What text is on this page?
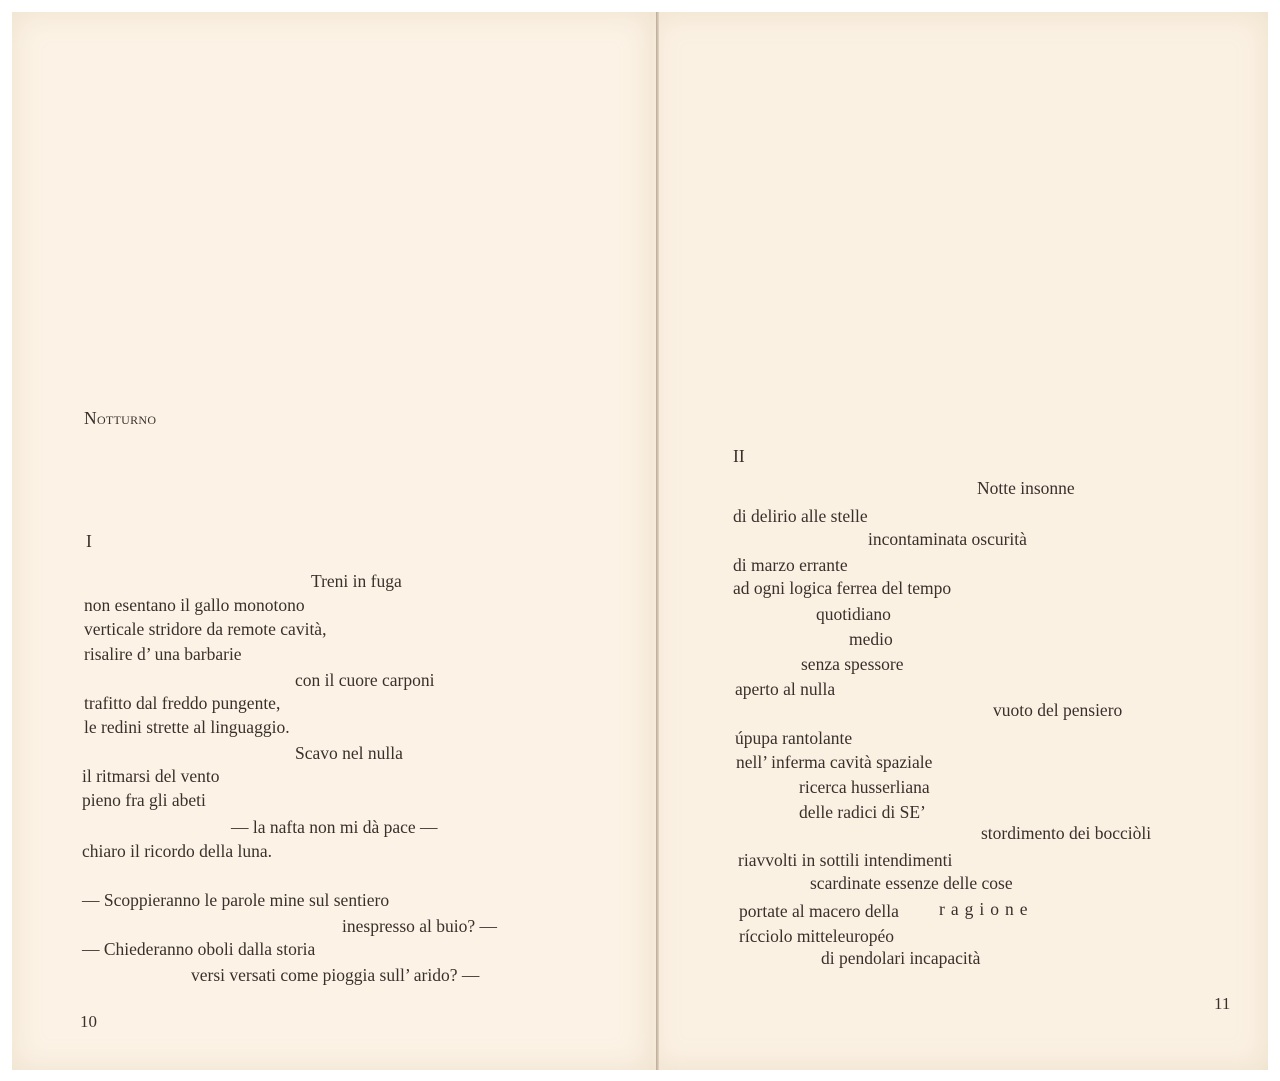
Notturno
I
Treni in fuga
non esentano il gallo monotono
verticale stridore da remote cavità,
risalire d’ una barbarie
con il cuore carponi
trafitto dal freddo pungente,
le redini strette al linguaggio.
Scavo nel nulla
il ritmarsi del vento
pieno fra gli abeti
— la nafta non mi dà pace —
chiaro il ricordo della luna.
— Scoppieranno le parole mine sul sentiero
inespresso al buio? —
— Chiederanno oboli dalla storia
versi versati come pioggia sull’ arido? —
10
II
Notte insonne
di delirio alle stelle
incontaminata oscurità
di marzo errante
ad ogni logica ferrea del tempo
quotidiano
medio
senza spessore
aperto al nulla
vuoto del pensiero
úpupa rantolante
nell’ inferma cavità spaziale
ricerca husserliana
delle radici di SE’
stordimento dei bocciòli
riavvolti in sottili intendimenti
scardinate essenze delle cose
portate al macero della ragione
rícciolo mitteleuropéo
di pendolari incapacità
11
